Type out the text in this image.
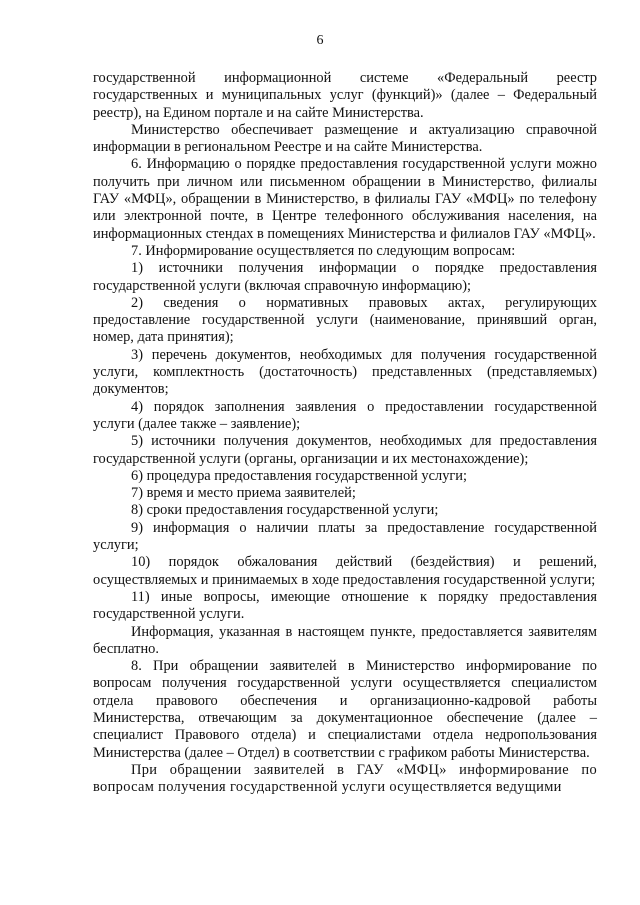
6

государственной информационной системе «Федеральный реестр государственных и муниципальных услуг (функций)» (далее – Федеральный реестр), на Едином портале и на сайте Министерства.

Министерство обеспечивает размещение и актуализацию справочной информации в региональном Реестре и на сайте Министерства.

6. Информацию о порядке предоставления государственной услуги можно получить при личном или письменном обращении в Министерство, филиалы ГАУ «МФЦ», обращении в Министерство, в филиалы ГАУ «МФЦ» по телефону или электронной почте, в Центре телефонного обслуживания населения, на информационных стендах в помещениях Министерства и филиалов ГАУ «МФЦ».

7. Информирование осуществляется по следующим вопросам:

1) источники получения информации о порядке предоставления государственной услуги (включая справочную информацию);

2) сведения о нормативных правовых актах, регулирующих предоставление государственной услуги (наименование, принявший орган, номер, дата принятия);

3) перечень документов, необходимых для получения государственной услуги, комплектность (достаточность) представленных (представляемых) документов;

4) порядок заполнения заявления о предоставлении государственной услуги (далее также – заявление);

5) источники получения документов, необходимых для предоставления государственной услуги (органы, организации и их местонахождение);

6) процедура предоставления государственной услуги;

7) время и место приема заявителей;

8) сроки предоставления государственной услуги;

9) информация о наличии платы за предоставление государственной услуги;

10) порядок обжалования действий (бездействия) и решений, осуществляемых и принимаемых в ходе предоставления государственной услуги;

11) иные вопросы, имеющие отношение к порядку предоставления государственной услуги.

Информация, указанная в настоящем пункте, предоставляется заявителям бесплатно.

8. При обращении заявителей в Министерство информирование по вопросам получения государственной услуги осуществляется специалистом отдела правового обеспечения и организационно-кадровой работы Министерства, отвечающим за документационное обеспечение (далее – специалист Правового отдела) и специалистами отдела недропользования Министерства (далее – Отдел) в соответствии с графиком работы Министерства.

При обращении заявителей в ГАУ «МФЦ» информирование по вопросам получения государственной услуги осуществляется ведущими
